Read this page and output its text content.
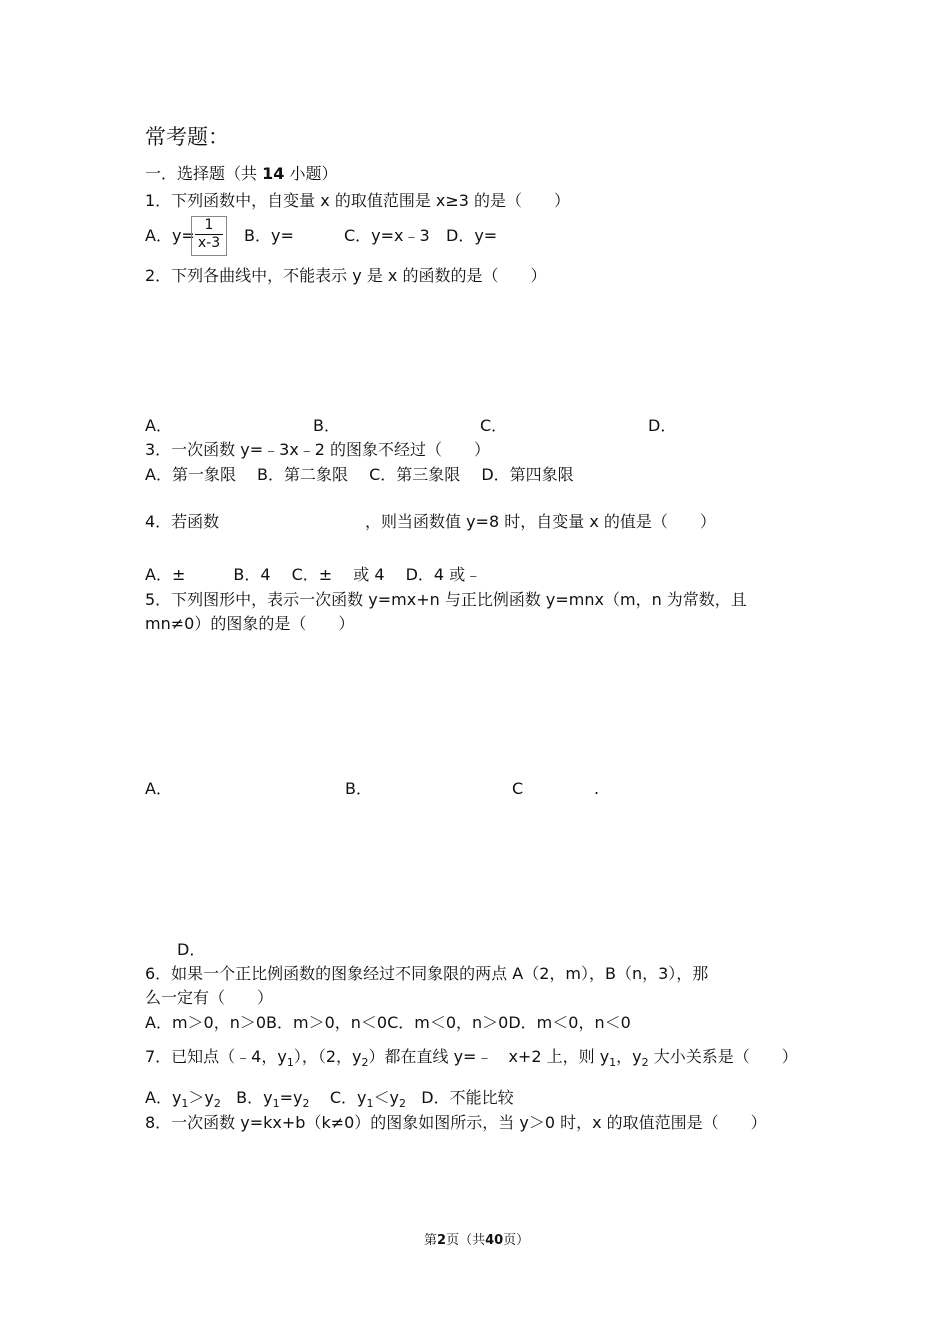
常考题：
一．选择题（共 14 小题）
1．下列函数中，自变量 x 的取值范围是 x≥3 的是（　　）
A．y=
1
x-3	B．y=	C．y=x﹣3 D．y=
2．下列各曲线中，不能表示 y 是 x 的函数的是（　　）
A．	B．	C．	D．
3．一次函数 y=﹣3x﹣2 的图象不经过（　　）
A．第一象限　 B．第二象限　 C．第三象限　 D．第四象限
4．若函数	，则当函数值 y=8 时，自变量 x 的值是（　　）
A．±　　　B．4　 C．±　 或 4　 D．4 或﹣
5．下列图形中，表示一次函数 y=mx+n 与正比例函数 y=mnx（m，n 为常数，且
mn≠0）的图象的是（　　）
A．	B．	C	.
D．
6．如果一个正比例函数的图象经过不同象限的两点 A（2，m），B（n，3），那
么一定有（　　）
A．m＞0，n＞0B．m＞0，n＜0C．m＜0，n＞0D．m＜0，n＜0
7．已知点（﹣4，$y_1$），（2，$y_2$）都在直线 y=﹣　x+2 上，则 $y_1$，$y_2$ 大小关系是（　　）
A．$y_1>y_2$ B．$y_1=y_2$ C．$y_1<y_2$ D．不能比较
8．一次函数 y=kx+b（k≠0）的图象如图所示，当 y＞0 时，x 的取值范围是（　　）
第2页（共40页）
